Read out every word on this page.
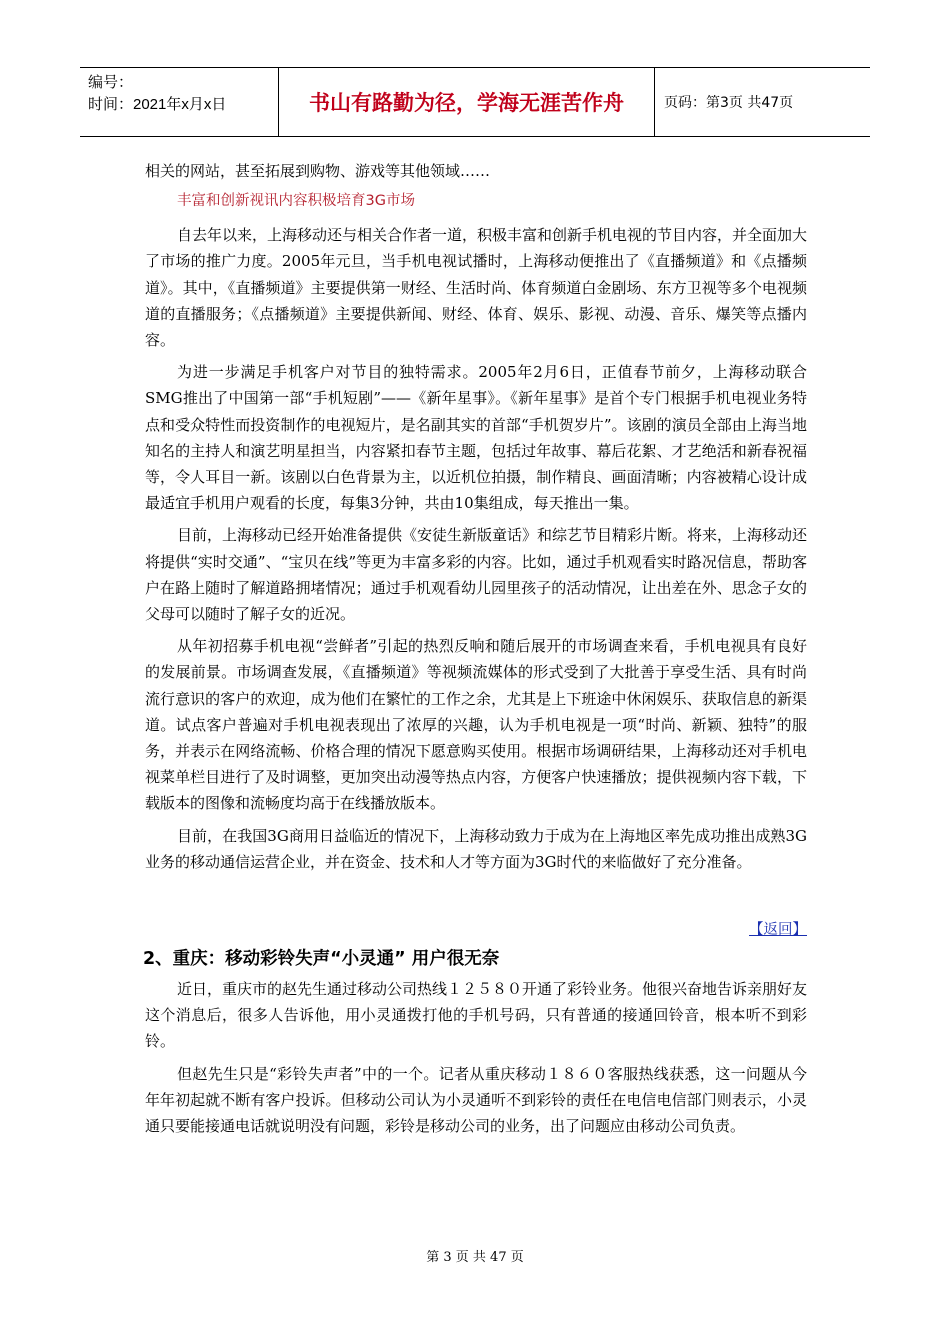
编号：
时间：2021年x月x日	书山有路勤为径，学海无涯苦作舟	页码：第3页 共47页

相关的网站，甚至拓展到购物、游戏等其他领域……

丰富和创新视讯内容积极培育3G市场

自去年以来，上海移动还与相关合作者一道，积极丰富和创新手机电视的节目内容，并全面加大了市场的推广力度。2005年元旦，当手机电视试播时，上海移动便推出了《直播频道》和《点播频道》。其中，《直播频道》主要提供第一财经、生活时尚、体育频道白金剧场、东方卫视等多个电视频道的直播服务；《点播频道》主要提供新闻、财经、体育、娱乐、影视、动漫、音乐、爆笑等点播内容。

为进一步满足手机客户对节目的独特需求。2005年2月6日，正值春节前夕，上海移动联合SMG推出了中国第一部“手机短剧”——《新年星事》。《新年星事》是首个专门根据手机电视业务特点和受众特性而投资制作的电视短片，是名副其实的首部“手机贺岁片”。该剧的演员全部由上海当地知名的主持人和演艺明星担当，内容紧扣春节主题，包括过年故事、幕后花絮、才艺绝活和新春祝福等，令人耳目一新。该剧以白色背景为主，以近机位拍摄，制作精良、画面清晰；内容被精心设计成最适宜手机用户观看的长度，每集3分钟，共由10集组成，每天推出一集。

目前，上海移动已经开始准备提供《安徒生新版童话》和综艺节目精彩片断。将来，上海移动还将提供“实时交通”、“宝贝在线”等更为丰富多彩的内容。比如，通过手机观看实时路况信息，帮助客户在路上随时了解道路拥堵情况；通过手机观看幼儿园里孩子的活动情况，让出差在外、思念子女的父母可以随时了解子女的近况。

从年初招募手机电视“尝鲜者”引起的热烈反响和随后展开的市场调查来看，手机电视具有良好的发展前景。市场调查发展，《直播频道》等视频流媒体的形式受到了大批善于享受生活、具有时尚流行意识的客户的欢迎，成为他们在繁忙的工作之余，尤其是上下班途中休闲娱乐、获取信息的新渠道。试点客户普遍对手机电视表现出了浓厚的兴趣，认为手机电视是一项“时尚、新颖、独特”的服务，并表示在网络流畅、价格合理的情况下愿意购买使用。根据市场调研结果，上海移动还对手机电视菜单栏目进行了及时调整，更加突出动漫等热点内容，方便客户快速播放；提供视频内容下载，下载版本的图像和流畅度均高于在线播放版本。

目前，在我国3G商用日益临近的情况下，上海移动致力于成为在上海地区率先成功推出成熟3G业务的移动通信运营企业，并在资金、技术和人才等方面为3G时代的来临做好了充分准备。

【返回】
2、重庆：移动彩铃失声“小灵通” 用户很无奈

近日，重庆市的赵先生通过移动公司热线１２５８０开通了彩铃业务。他很兴奋地告诉亲朋好友这个消息后，很多人告诉他，用小灵通拨打他的手机号码，只有普通的接通回铃音，根本听不到彩铃。

但赵先生只是“彩铃失声者”中的一个。记者从重庆移动１８６０客服热线获悉，这一问题从今年年初起就不断有客户投诉。但移动公司认为小灵通听不到彩铃的责任在电信电信部门则表示，小灵通只要能接通电话就说明没有问题，彩铃是移动公司的业务，出了问题应由移动公司负责。

第 3 页 共 47 页
